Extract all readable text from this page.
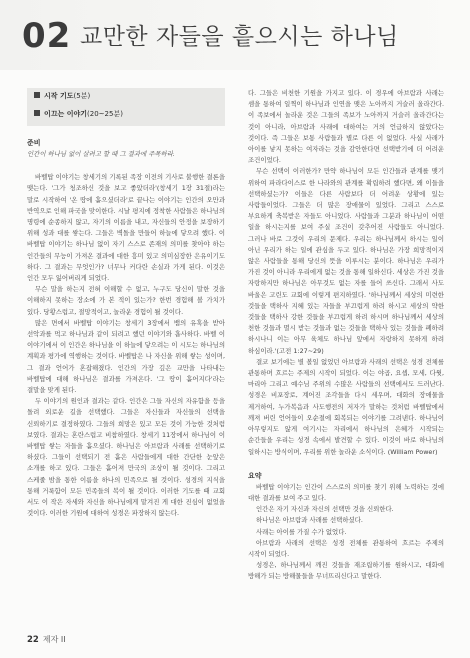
02 교만한 자들을 흩으시는 하나님
시작 기도(5분)
이끄는 이야기(20~25분)
준비
인간이 하나님 없이 살려고 할 때 그 결과에 주목하라.

바벨탑 이야기는 창세기의 기록된 족장 이전의 기사로 불행한 결론을 맺는다. '그가 청조하신 것을 보고 좋았더라'(창세기 1장 31절)라는 말로 시작하여 '온 땅에 흩으셨더라'로 끝나는 이야기는 인간의 오만과 반역으로 인해 파국을 맞이한다. 시날 평지에 정착한 사람들은 하나님의 명령에 순종하지 않고, 자기의 이름을 내고, 자신들의 안정을 보장하기 위해 성과 대를 쌓는다. 그들은 벽돌을 만들어 하늘에 닿으려 했다. 이 바벨탑 이야기는 하나님 없이 자기 스스로 존재의 의미를 찾아야 하는 인간들의 무능이 가져온 결과에 대한 흥미 있고 의미심장한 은유이기도 하다. 그 결과는 무엇인가? 너무나 커다란 손실과 가게 된다. 이것은 인간 모두 잃어버리게 되었다.

무슨 말을 하는지 전혀 이해할 수 없고, 누구도 당신이 말한 것을 이해하지 못하는 장소에 가 본 적이 있는가? 한번 경험해 볼 가치가 있다. 당황스럽고, 절망적이고, 놀라운 경험이 될 것이다.

많은 면에서 바벨탑 이야기는 창세기 3장에서 뱀의 유혹을 받아 선악과를 먹고 하나님과 같이 되려고 했던 이야기와 흡사하다. 바벨 이 이야기에서 이 인간은 하나님을 이 하늘에 닿으려는 이 시도는 하나님의 계획과 평가에 역행하는 것이다. 바벨탑은 나 자신을 위해 쌓는 성이며, 그 결과 언어가 혼잡해졌다. 인간의 가장 깊은 교만을 나타내는 바벨탑에 대해 하나님은 결과를 가져온다. '그 땅이 흩어지다'라는 결말을 맞게 된다.

두 이야기의 원인과 결과는 같다. 인간은 그들 자신의 자유함을 등을 돌려 외로운 길을 선택했다. 그들은 자신들과 자신들의 선택을 신뢰하기로 결정하였다. 그들의 희망은 있고 모든 것이 가능한 것처럼 보였다. 결과는 혼란스럽고 비참하였다. 창세기 11장에서 하나님이 이 바벨탑 쌓는 자들을 흩으셨다. 하나님은 아브람과 사래를 선택하기로 하셨다. 그들이 선택되기 전 흩은 사람들에게 대한 간단한 눈앞은 소개를 하고 있다. 그들은 흩어져 만국의 조상이 될 것이다. 그리고 스케줄 밤을 통한 이름을 하나의 민족으로 될 것이다. 성경의 지식을 통해 거룩함이 모든 민족들의 복이 될 것이다. 이러한 기도를 때 교회 서도 이 작은 자세와 자신을 하나님에게 맡겨진 게 대한 진심이 없었을 것이다. 이러한 기원에 대하여 성경은 파장하지 않는다.

다. 그들은 비천한 기원을 가지고 있다. 이 경우에 아브람과 사래는 셈을 통하여 일찍이 하나님과 인연을 맺은 노아까지 거슬러 올라간다. 이 족보에서 놀라운 것은 그들의 족보가 노아까지 거슬러 올라간다는 것이 아니라, 아브람과 사래에 대하여는 거의 언급하지 않았다는 것이다. 즉 그들은 보통 사람들과 별로 다른 이 없었다. 사실 사래가 아이를 낳지 못하는 여자라는 것을 감안한다면 선택받기에 더 어려운 조건이었다.

무슨 선택이 이러한가? 만약 하나님이 모든 인간들과 관계를 맺기 위하여 파라다이스로 한 나라와의 관계를 확립하려 했다면, 왜 이들을 선택하셨는가? 이들은 다른 사람보다 더 어려운 상황에 있는 사람들이었다. 그들은 더 많은 장애물이 있었다. 그리고 스스로 부요하게 축복받은 자들도 아니었다. 사람들과 그분과 하나님이 어떤 일을 하시는지를 보여 주실 조건이 갖추어진 사람들도 아니었다. 그러나 바로 그것이 우리의 문제다. 우리는 하나님께서 하시는 일이 아닌 우리가 하는 일에 관심을 두고 있다. 하나님은 가장 희망적이지 않은 사람들을 통해 당신의 뜻을 이루시는 분이다. 하나님은 우리가 가진 것이 아니라 우리에게 없는 것을 통해 일하신다. 세상은 가진 것을 자랑하지만 하나님은 아무것도 없는 자를 들어 쓰신다. 그래서 사도 바울은 고린도 교회에 이렇게 편지하였다. '하나님께서 세상의 미련한 것들을 택하사 지혜 있는 자들을 부끄럽게 하려 하시고 세상의 약한 것들을 택하사 강한 것들을 부끄럽게 하려 하시며 하나님께서 세상의 천한 것들과 멸시 받는 것들과 없는 것들을 택하사 있는 것들을 폐하려 하시나니 이는 아무 육체도 하나님 앞에서 자랑하지 못하게 하려 하심이라.'(고전 1:27~29)

결코 보기에는 별 볼일 없었던 아브람과 사래의 선택은 성경 전체를 관통하며 흐르는 주제의 시작이 되었다. 이는 야곱, 요셉, 모세, 다윗, 마리아 그리고 예수님 주위의 수많은 사람들의 선택에서도 드러난다. 성경은 비포장로, 계어진 조각들을 다시 세우며, 대화의 장애물을 제거하여, 누가복음과 사도행전의 저자가 말하는 것처럼 바벨탑에서 깨져 버린 언어들이 오순절에 회복되는 이야기를 그려낸다. 하나님이 아무렇지도 않게 여기시는 자리에서 하나님의 은혜가 시작되는 순간들을 우리는 성경 속에서 발견할 수 있다. 이것이 바로 하나님의 일하시는 방식이며, 우리를 위한 놀라운 소식이다. (William Power)

요약

바벨탑 이야기는 인간이 스스로의 의미를 찾기 위해 노력하는 것에 대한 결과를 보여 주고 있다.

인간은 자기 자신과 자신의 선택만 것을 신뢰한다.

하나님은 아브람과 사래를 선택하셨다.

사래는 아이를 가질 수가 없었다.

아브람과 사래의 선택은 성경 전체를 관통하여 흐르는 주제의 시작이 되었다.

성경은, 하나님께서 깨진 것들을 재조립하기를 원하시고, 대화에 방해가 되는 방해물들을 무너뜨리신다고 말한다.

22 제자 II
